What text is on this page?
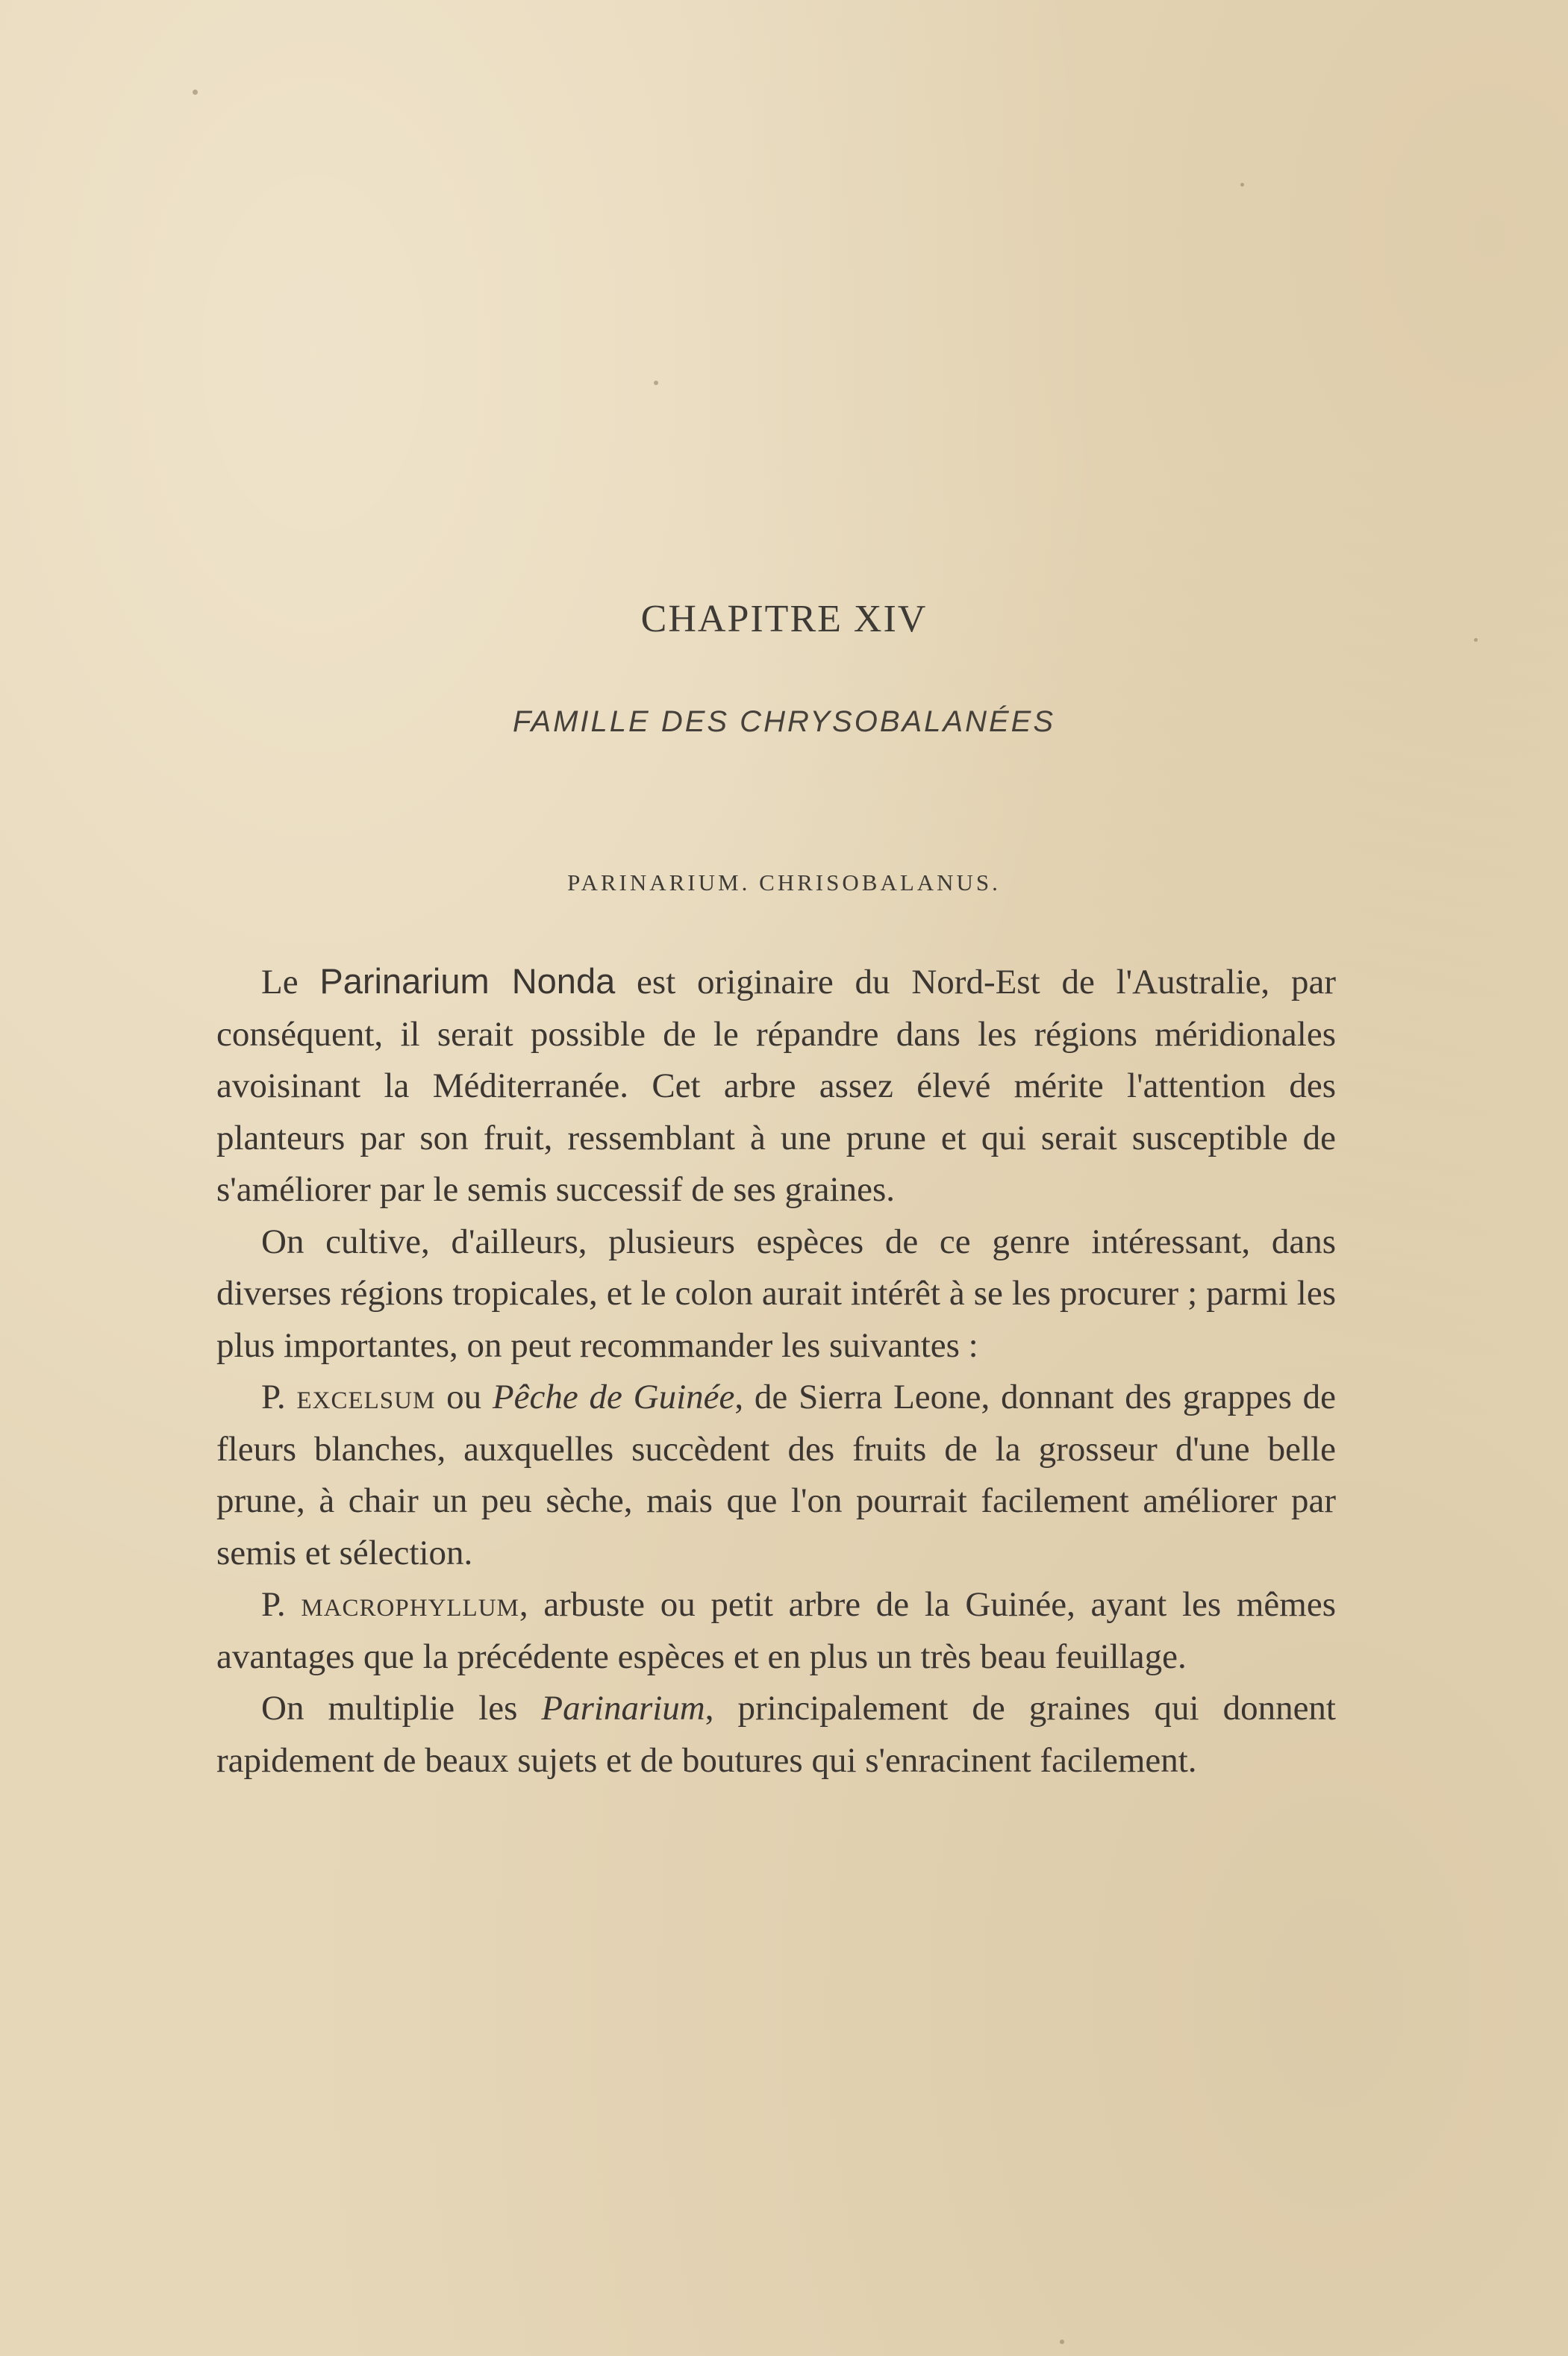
CHAPITRE XIV
FAMILLE DES CHRYSOBALANÉES
PARINARIUM. CHRISOBALANUS.

Le Parinarium Nonda est originaire du Nord-Est de l'Australie, par conséquent, il serait possible de le répandre dans les régions méridionales avoisinant la Méditerranée. Cet arbre assez élevé mérite l'attention des planteurs par son fruit, ressemblant à une prune et qui serait susceptible de s'améliorer par le semis successif de ses graines.

On cultive, d'ailleurs, plusieurs espèces de ce genre intéressant, dans diverses régions tropicales, et le colon aurait intérêt à se les procurer ; parmi les plus importantes, on peut recommander les suivantes :

P. excelsum ou Pêche de Guinée, de Sierra Leone, donnant des grappes de fleurs blanches, auxquelles succèdent des fruits de la grosseur d'une belle prune, à chair un peu sèche, mais que l'on pourrait facilement améliorer par semis et sélection.

P. macrophyllum, arbuste ou petit arbre de la Guinée, ayant les mêmes avantages que la précédente espèces et en plus un très beau feuillage.

On multiplie les Parinarium, principalement de graines qui donnent rapidement de beaux sujets et de boutures qui s'enracinent facilement.
